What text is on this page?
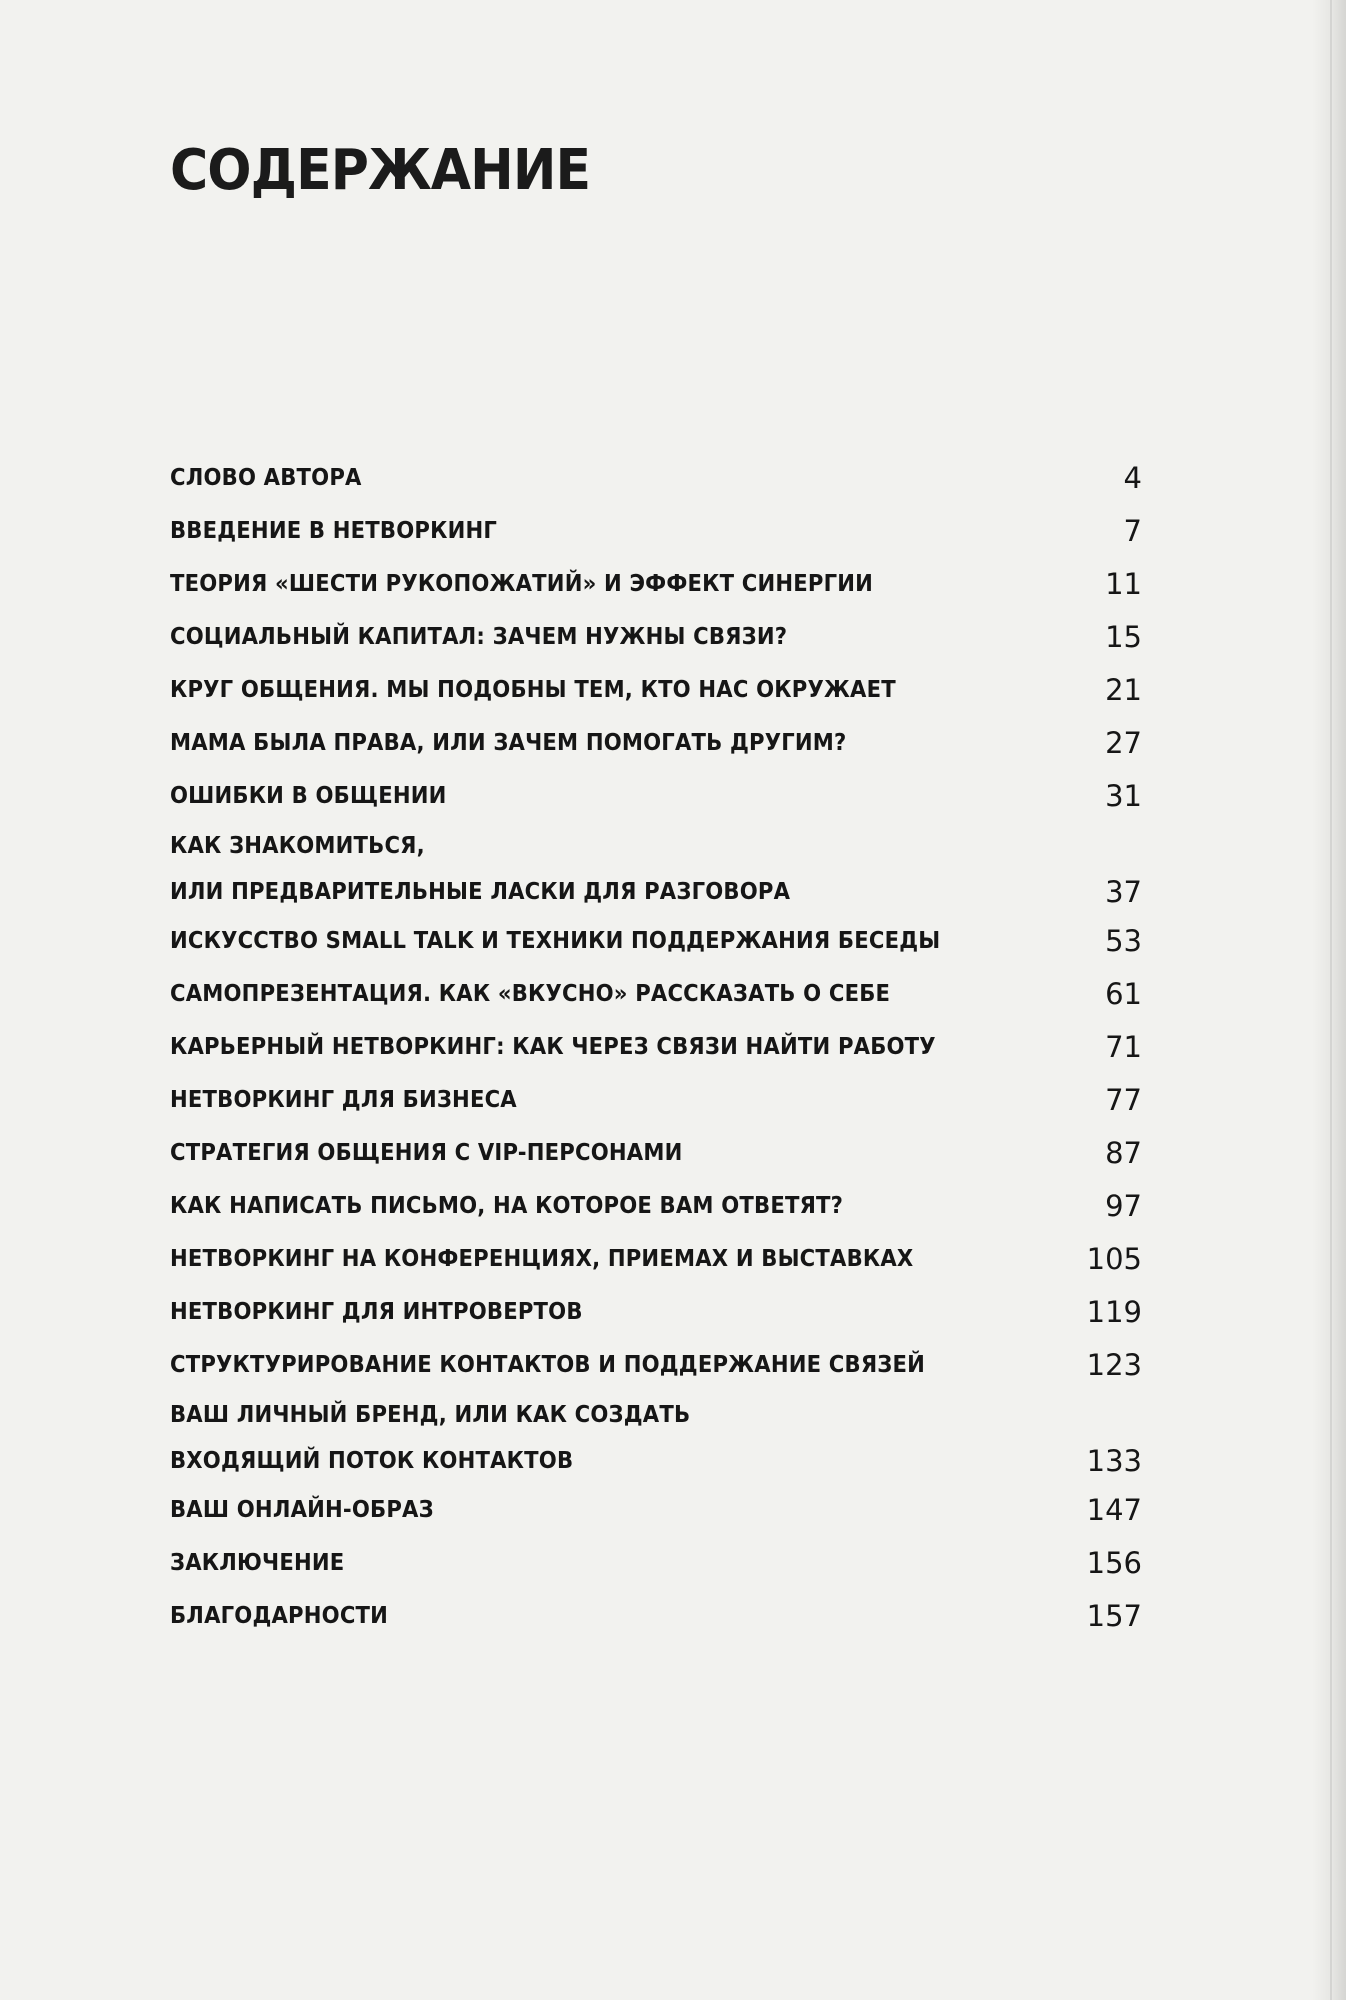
СОДЕРЖАНИЕ
СЛОВО АВТОРА	4
ВВЕДЕНИЕ В НЕТВОРКИНГ	7
ТЕОРИЯ «ШЕСТИ РУКОПОЖАТИЙ» И ЭФФЕКТ СИНЕРГИИ	11
СОЦИАЛЬНЫЙ КАПИТАЛ: ЗАЧЕМ НУЖНЫ СВЯЗИ?	15
КРУГ ОБЩЕНИЯ. МЫ ПОДОБНЫ ТЕМ, КТО НАС ОКРУЖАЕТ	21
МАМА БЫЛА ПРАВА, ИЛИ ЗАЧЕМ ПОМОГАТЬ ДРУГИМ?	27
ОШИБКИ В ОБЩЕНИИ	31
КАК ЗНАКОМИТЬСЯ,
ИЛИ ПРЕДВАРИТЕЛЬНЫЕ ЛАСКИ ДЛЯ РАЗГОВОРА	37
ИСКУССТВО SMALL TALK И ТЕХНИКИ ПОДДЕРЖАНИЯ БЕСЕДЫ	53
САМОПРЕЗЕНТАЦИЯ. КАК «ВКУСНО» РАССКАЗАТЬ О СЕБЕ	61
КАРЬЕРНЫЙ НЕТВОРКИНГ: КАК ЧЕРЕЗ СВЯЗИ НАЙТИ РАБОТУ	71
НЕТВОРКИНГ ДЛЯ БИЗНЕСА	77
СТРАТЕГИЯ ОБЩЕНИЯ С VIP-ПЕРСОНАМИ	87
КАК НАПИСАТЬ ПИСЬМО, НА КОТОРОЕ ВАМ ОТВЕТЯТ?	97
НЕТВОРКИНГ НА КОНФЕРЕНЦИЯХ, ПРИЕМАХ И ВЫСТАВКАХ	105
НЕТВОРКИНГ ДЛЯ ИНТРОВЕРТОВ	119
СТРУКТУРИРОВАНИЕ КОНТАКТОВ И ПОДДЕРЖАНИЕ СВЯЗЕЙ	123
ВАШ ЛИЧНЫЙ БРЕНД, ИЛИ КАК СОЗДАТЬ
ВХОДЯЩИЙ ПОТОК КОНТАКТОВ	133
ВАШ ОНЛАЙН-ОБРАЗ	147
ЗАКЛЮЧЕНИЕ	156
БЛАГОДАРНОСТИ	157
